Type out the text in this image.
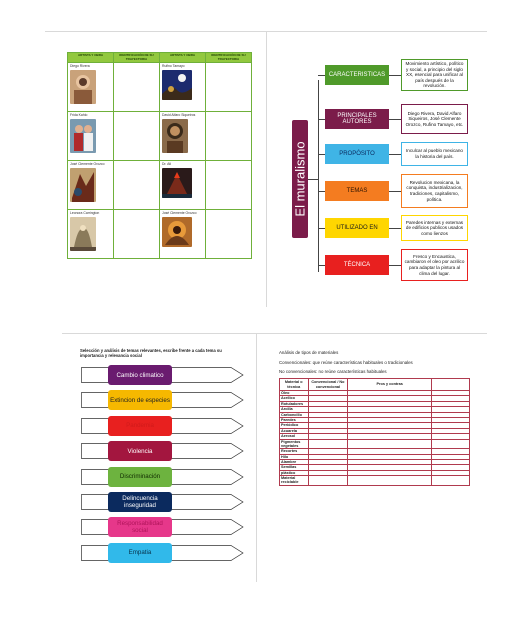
ARTISTA Y OBRA	IDENTIFICACIÓN DE SU TRAYECTORIA	ARTISTA Y OBRA	IDENTIFICACIÓN DE SU TRAYECTORIA

Diego Rivera		Rufino Tamayo	

Frida Kahlo		David Alfaro Siqueiros	

José Clemente Orozco		Dr. Atl	

Leonora Carrington		José Clemente Orozco	
		El muralismo
CARACTERISTICAS
Movimiento artístico, político y social, a principio del siglo XX, esencial para unificar al país después de la revolución.
PRINCIPALES AUTORES
Diego Rivera, David Alfaro Siqueiros, José Clemente Orozco, Rufino Tamayo, etc.
PROPÓSITO	Inculcar al pueblo mexicano la historia del país.
TEMAS
Revolucion mexicana, la conquista, industrializacion, tradiciones, capitalismo, política.
UTILIZADO EN
Paredes internas y externas de edificios publicos usados como lienzos
TÉCNICA
Fresco y Encaustica, cambiaron el oleo por acrilico para adaptar la pintura al clima del lugar.
Selección y análisis de temas relevantes, escribe frente a cada tema su importancia y relevancia social
Cambio climatico
Extincion de especies
Pandemia
Violencia
Discriminación
Delincuencia inseguridad
Responsabilidad social
Empatia
Análisis de tipos de materiales
Convencionales: que reúne características habituales o tradicionales
No convencionales: no reúne características habituales
Material o técnica	Convencional / No convencional	Pros y contras	
Óleo			
Acrílico			
Rotuladores			
Arcilla			
Carboncillo			
Paredes			
Periódico			
Acuarela			
Aerosol			
Pigmentos vegetales			
Recortes			
Hilo			
Alambre			
Semillas			
plástico			
Material reciclable			
